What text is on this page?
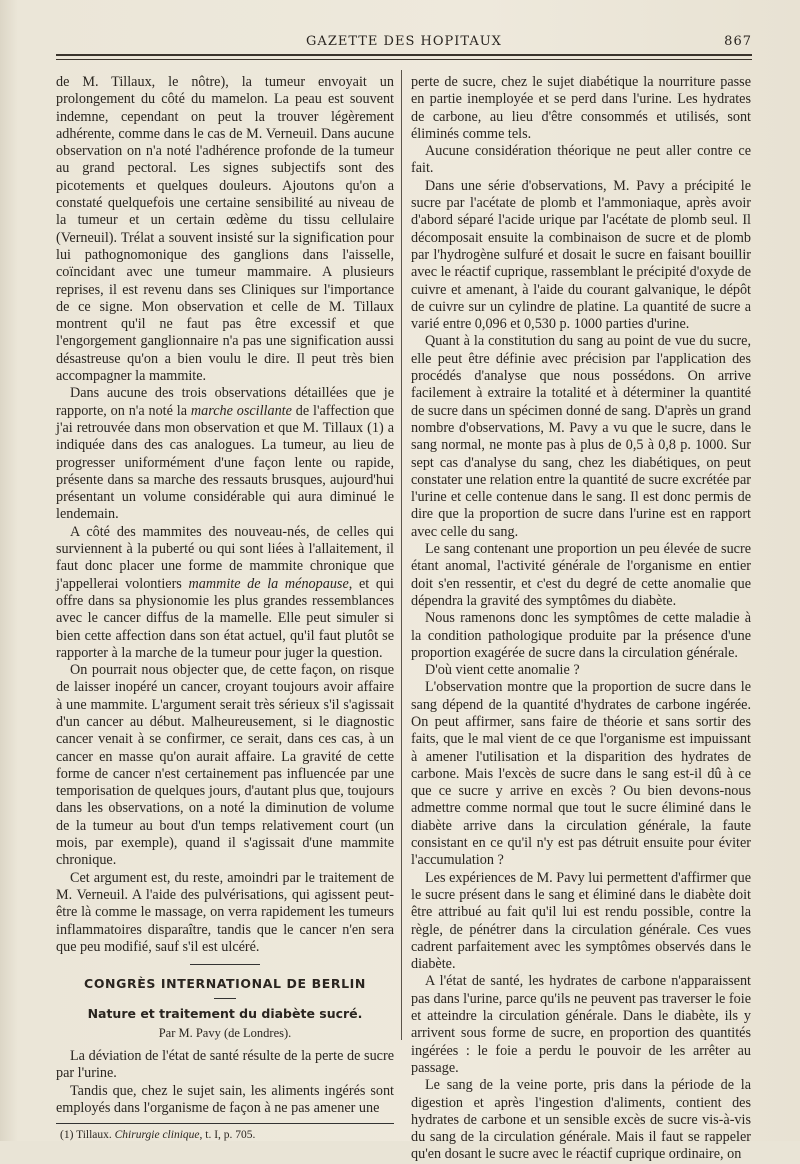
GAZETTE DES HOPITAUX	867

de M. Tillaux, le nôtre), la tumeur envoyait un prolongement du côté du mamelon. La peau est souvent indemne, cependant on peut la trouver légèrement adhérente, comme dans le cas de M. Verneuil. Dans aucune observation on n'a noté l'adhérence profonde de la tumeur au grand pectoral. Les signes subjectifs sont des picotements et quelques douleurs. Ajoutons qu'on a constaté quelquefois une certaine sensibilité au niveau de la tumeur et un certain œdème du tissu cellulaire (Verneuil). Trélat a souvent insisté sur la signification pour lui pathognomonique des ganglions dans l'aisselle, coïncidant avec une tumeur mammaire. A plusieurs reprises, il est revenu dans ses Cliniques sur l'importance de ce signe. Mon observation et celle de M. Tillaux montrent qu'il ne faut pas être excessif et que l'engorgement ganglionnaire n'a pas une signification aussi désastreuse qu'on a bien voulu le dire. Il peut très bien accompagner la mammite.

Dans aucune des trois observations détaillées que je rapporte, on n'a noté la marche oscillante de l'affection que j'ai retrouvée dans mon observation et que M. Tillaux (1) a indiquée dans des cas analogues. La tumeur, au lieu de progresser uniformément d'une façon lente ou rapide, présente dans sa marche des ressauts brusques, aujourd'hui présentant un volume considérable qui aura diminué le lendemain.

A côté des mammites des nouveau-nés, de celles qui surviennent à la puberté ou qui sont liées à l'allaitement, il faut donc placer une forme de mammite chronique que j'appellerai volontiers mammite de la ménopause, et qui offre dans sa physionomie les plus grandes ressemblances avec le cancer diffus de la mamelle. Elle peut simuler si bien cette affection dans son état actuel, qu'il faut plutôt se rapporter à la marche de la tumeur pour juger la question.

On pourrait nous objecter que, de cette façon, on risque de laisser inopéré un cancer, croyant toujours avoir affaire à une mammite. L'argument serait très sérieux s'il s'agissait d'un cancer au début. Malheureusement, si le diagnostic cancer venait à se confirmer, ce serait, dans ces cas, à un cancer en masse qu'on aurait affaire. La gravité de cette forme de cancer n'est certainement pas influencée par une temporisation de quelques jours, d'autant plus que, toujours dans les observations, on a noté la diminution de volume de la tumeur au bout d'un temps relativement court (un mois, par exemple), quand il s'agissait d'une mammite chronique.

Cet argument est, du reste, amoindri par le traitement de M. Verneuil. A l'aide des pulvérisations, qui agissent peut-être là comme le massage, on verra rapidement les tumeurs inflammatoires disparaître, tandis que le cancer n'en sera que peu modifié, sauf s'il est ulcéré.

CONGRÈS INTERNATIONAL DE BERLIN
Nature et traitement du diabète sucré.
Par M. Pavy (de Londres).

La déviation de l'état de santé résulte de la perte de sucre par l'urine.

Tandis que, chez le sujet sain, les aliments ingérés sont employés dans l'organisme de façon à ne pas amener une

(1) Tillaux. Chirurgie clinique, t. I, p. 705.

perte de sucre, chez le sujet diabétique la nourriture passe en partie inemployée et se perd dans l'urine. Les hydrates de carbone, au lieu d'être consommés et utilisés, sont éliminés comme tels.

Aucune considération théorique ne peut aller contre ce fait.

Dans une série d'observations, M. Pavy a précipité le sucre par l'acétate de plomb et l'ammoniaque, après avoir d'abord séparé l'acide urique par l'acétate de plomb seul. Il décomposait ensuite la combinaison de sucre et de plomb par l'hydrogène sulfuré et dosait le sucre en faisant bouillir avec le réactif cuprique, rassemblant le précipité d'oxyde de cuivre et amenant, à l'aide du courant galvanique, le dépôt de cuivre sur un cylindre de platine. La quantité de sucre a varié entre 0,096 et 0,530 p. 1000 parties d'urine.

Quant à la constitution du sang au point de vue du sucre, elle peut être définie avec précision par l'application des procédés d'analyse que nous possédons. On arrive facilement à extraire la totalité et à déterminer la quantité de sucre dans un spécimen donné de sang. D'après un grand nombre d'observations, M. Pavy a vu que le sucre, dans le sang normal, ne monte pas à plus de 0,5 à 0,8 p. 1000. Sur sept cas d'analyse du sang, chez les diabétiques, on peut constater une relation entre la quantité de sucre excrétée par l'urine et celle contenue dans le sang. Il est donc permis de dire que la proportion de sucre dans l'urine est en rapport avec celle du sang.

Le sang contenant une proportion un peu élevée de sucre étant anomal, l'activité générale de l'organisme en entier doit s'en ressentir, et c'est du degré de cette anomalie que dépendra la gravité des symptômes du diabète.

Nous ramenons donc les symptômes de cette maladie à la condition pathologique produite par la présence d'une proportion exagérée de sucre dans la circulation générale.

D'où vient cette anomalie ?

L'observation montre que la proportion de sucre dans le sang dépend de la quantité d'hydrates de carbone ingérée. On peut affirmer, sans faire de théorie et sans sortir des faits, que le mal vient de ce que l'organisme est impuissant à amener l'utilisation et la disparition des hydrates de carbone. Mais l'excès de sucre dans le sang est-il dû à ce que ce sucre y arrive en excès ? Ou bien devons-nous admettre comme normal que tout le sucre éliminé dans le diabète arrive dans la circulation générale, la faute consistant en ce qu'il n'y est pas détruit ensuite pour éviter l'accumulation ?

Les expériences de M. Pavy lui permettent d'affirmer que le sucre présent dans le sang et éliminé dans le diabète doit être attribué au fait qu'il lui est rendu possible, contre la règle, de pénétrer dans la circulation générale. Ces vues cadrent parfaitement avec les symptômes observés dans le diabète.

A l'état de santé, les hydrates de carbone n'apparaissent pas dans l'urine, parce qu'ils ne peuvent pas traverser le foie et atteindre la circulation générale. Dans le diabète, ils y arrivent sous forme de sucre, en proportion des quantités ingérées : le foie a perdu le pouvoir de les arrêter au passage.

Le sang de la veine porte, pris dans la période de la digestion et après l'ingestion d'aliments, contient des hydrates de carbone et un sensible excès de sucre vis-à-vis du sang de la circulation générale. Mais il faut se rappeler qu'en dosant le sucre avec le réactif cuprique ordinaire, on
